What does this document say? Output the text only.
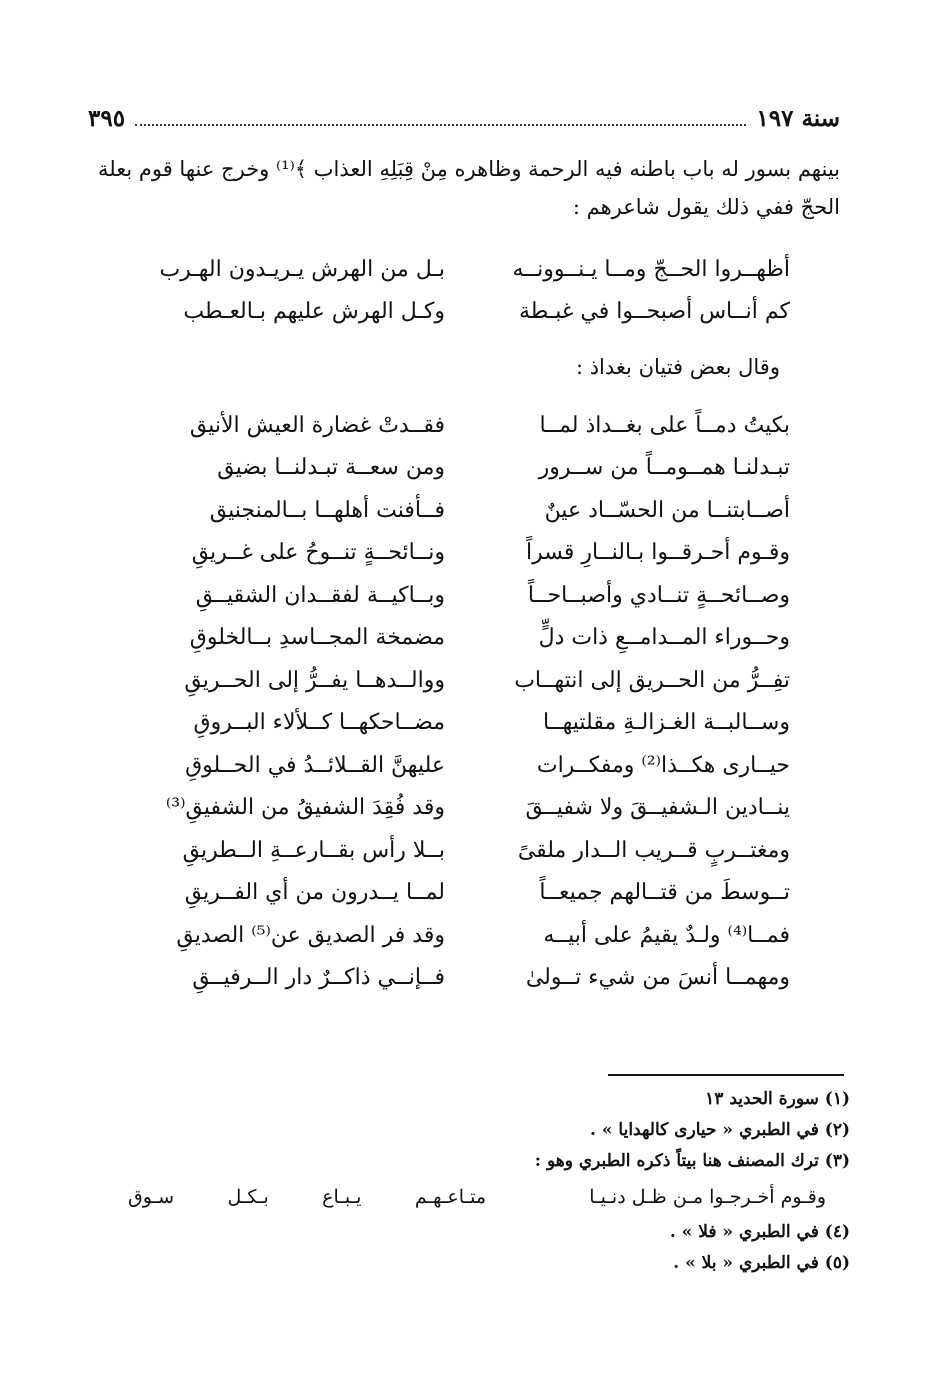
سنة ١٩٧
٣٩٥
بينهم بسور له باب باطنه فيه الرحمة وظاهره مِنْ قِبَلِهِ العذاب ﴾⁽¹⁾ وخرج عنها قوم بعلة
الحجّ ففي ذلك يقول شاعرهم :
أظهــروا الحــجّ ومــا يـنــوونــه
بـل من الهرش يـريـدون الهـرب
كم أنــاس أصبحــوا في غبـطة
وكـل الهرش عليهم بـالعـطب
وقال بعض فتيان بغداذ :
بكيتُ دمــاً على بغــداذ لمــا
فقــدتْ غضارة العيش الأنيق
تبـدلنـا همــومــاً من ســرور
ومن سعــة تبـدلنــا بضيق
أصــابتنــا من الحسّــاد عينٌ
فــأفنت أهلهــا بــالمنجنيق
وقـوم أحـرقــوا بـالنــارِ قسراً
ونــائحــةٍ تنــوحُ على غــريقِ
وصــائحــةٍ تنــادي وأصبــاحــاً
وبــاكيــة لفقــدان الشقيــقِ
وحــوراء المــدامــعِ ذات دلٍّ
مضمخة المجــاسدِ بــالخلوقِ
تفِــرُّ من الحــريق إلى انتهــاب
ووالــدهــا يفــرُّ إلى الحــريقِ
وســالبــة الغـزالـةِ مقلتيهــا
مضــاحكهــا كــلألاء البــروقِ
حيــارى هكــذا⁽²⁾ ومفكــرات
عليهنَّ القــلائــدُ في الحــلوقِ
ينــادين الـشفيــقَ ولا شفيــقَ
وقد فُقِدَ الشفيقُ من الشفيقِ⁽³⁾
ومغتــربٍ قــريب الــدار ملقىً
بــلا رأس بقــارعــةِ الــطريقِ
تــوسطَ من قتــالهم جميعــاً
لمــا يــدرون من أي الفــريقِ
فمــا⁽⁴⁾ ولـدٌ يقيمُ على أبيــه
وقد فر الصديق عن⁽⁵⁾ الصديقِ
ومهمــا أنسَ من شيء تــولىٰ
فــإنــي ذاكــرٌ دار الــرفيــقِ
(١) سورة الحديد ١٣
(٢) في الطبري « حيارى كالهدايا » .
(٣) ترك المصنف هنا بيتاً ذكره الطبري وهو :
وقـوم أخـرجـوا مـن ظـل دنـيـا
متـاعـهـم يـبـاع بـكـل سـوق
(٤) في الطبري « فلا » .
(٥) في الطبري « بلا » .
